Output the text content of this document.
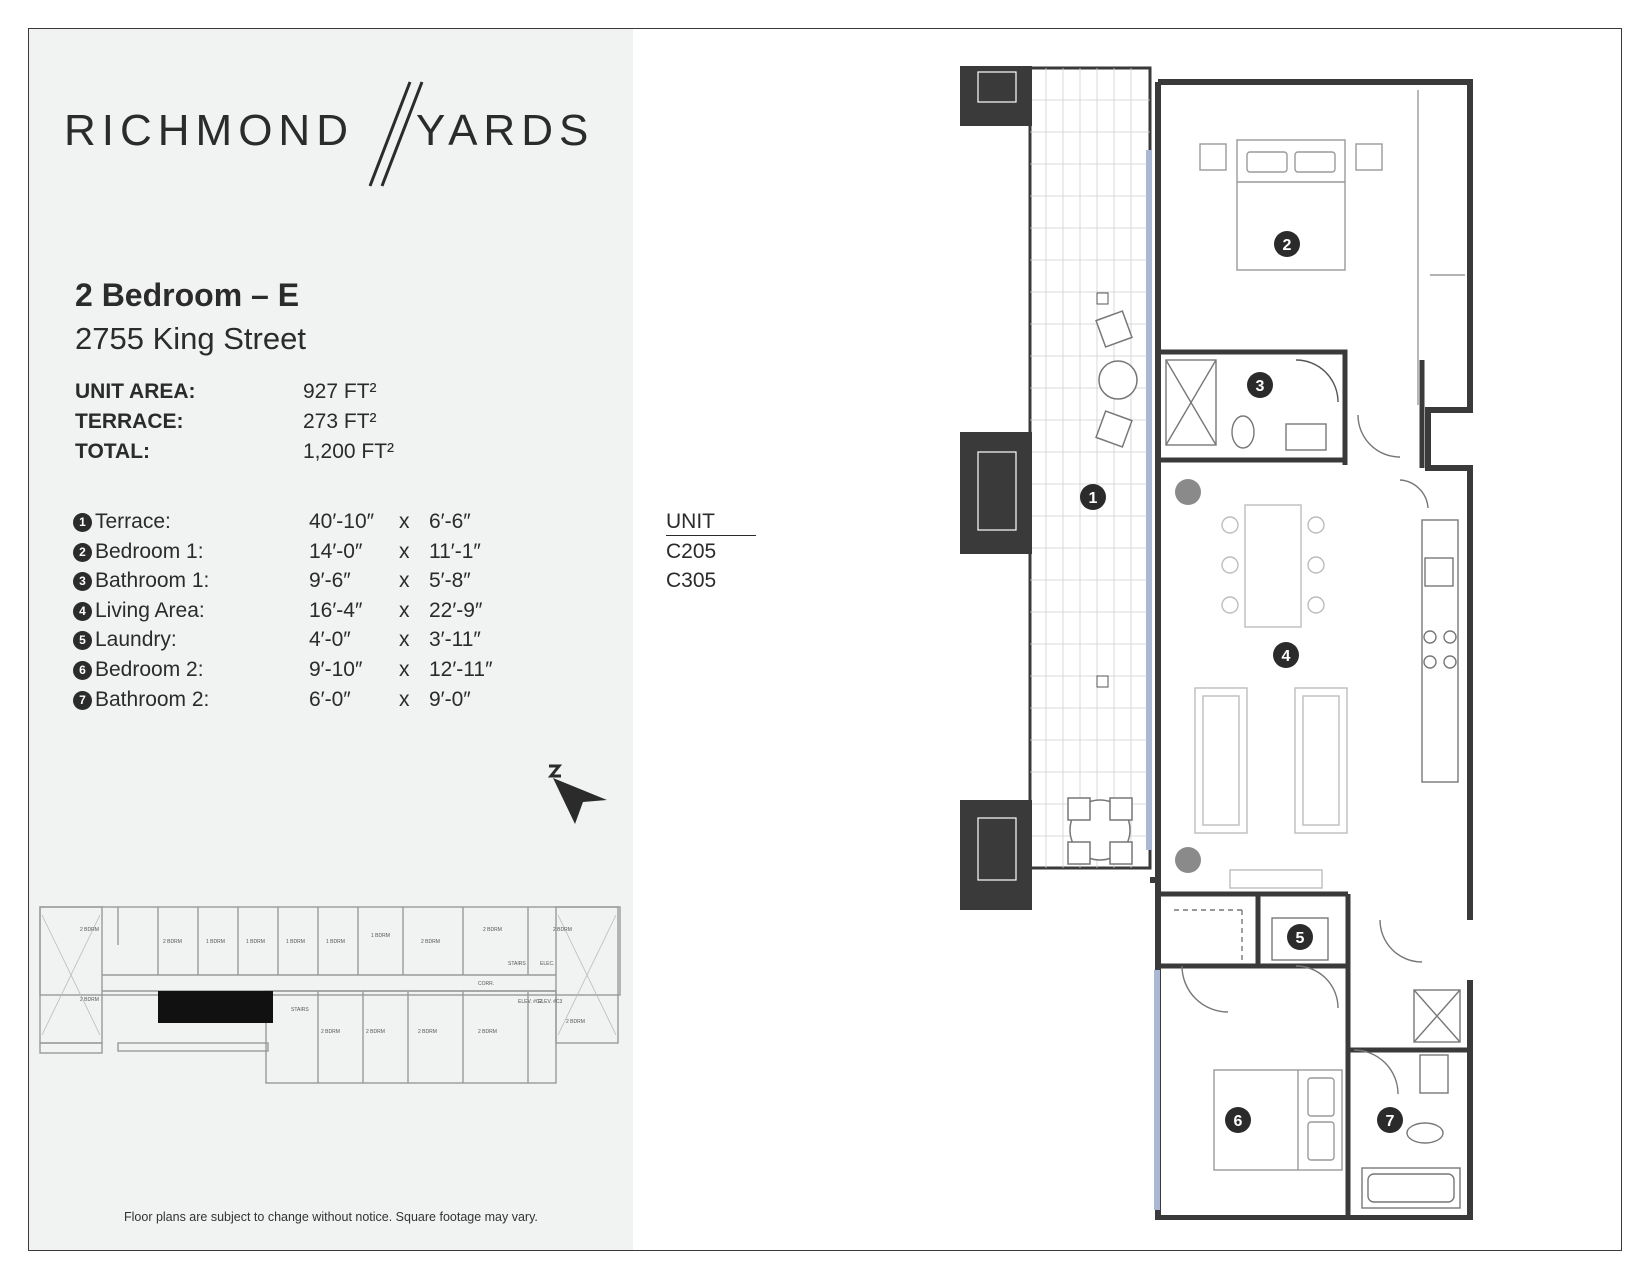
RICHMOND YARDS
2 Bedroom – E
2755 King Street
UNIT AREA:	927 FT²
TERRACE:	273 FT²
TOTAL:	1,200 FT²
1 Terrace:	40′-10″ x 6′-6″
2 Bedroom 1:	14′-0″ x 11′-1″
3 Bathroom 1:	9′-6″ x 5′-8″
4 Living Area:	16′-4″ x 22′-9″
5 Laundry:	4′-0″ x 3′-11″
6 Bedroom 2:	9′-10″ x 12′-11″
7 Bathroom 2:	6′-0″ x 9′-0″
UNIT
C205
C305
2 BDRM
2 BDRM	1 BDRM	1 BDRM	1 BDRM	1 BDRM
1 BDRM
2 BDRM
2 BDRM	2 BDRM
2 BDRM
2 BDRM	2 BDRM	2 BDRM	2 BDRM
2 BDRM
ELEC.
CORR.
STAIRS
ELEV. #C2
ELEV. #C3
STAIRS
Floor plans are subject to change without notice. Square footage may vary.
1
2
3
4
5
6	7
